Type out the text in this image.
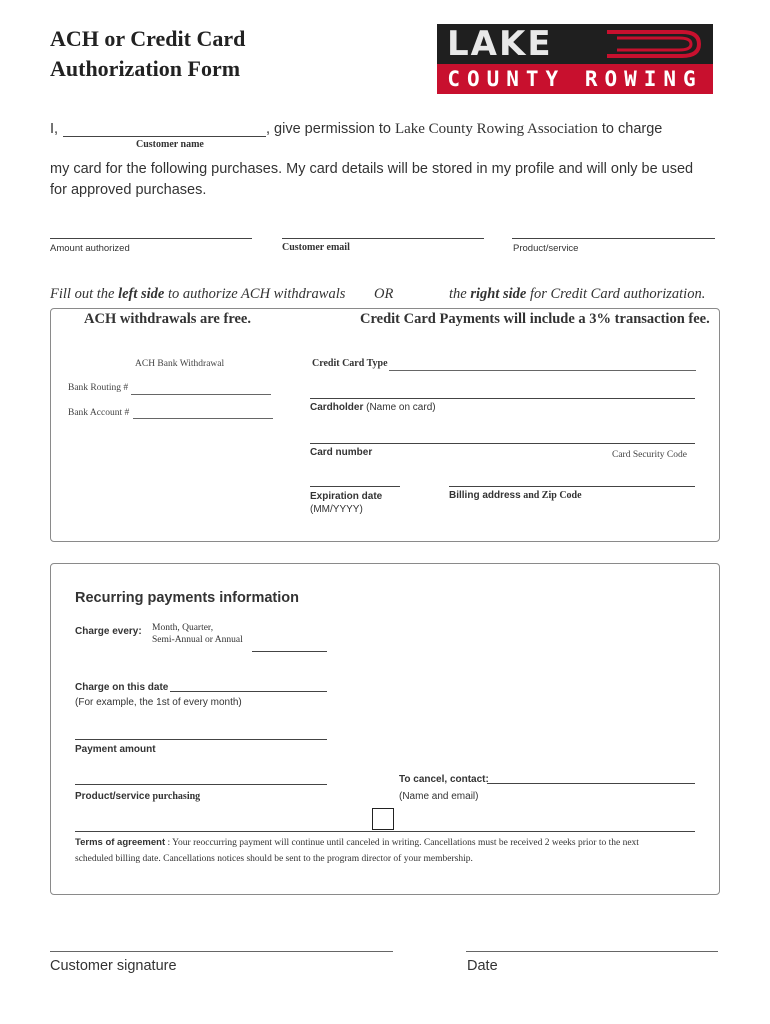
ACH or Credit Card
Authorization Form
LAKE
COUNTY ROWING
I,
Customer name
, give permission to Lake County Rowing Association to charge
my card for the following purchases. My card details will be stored in my profile and will only be used for approved purchases.
Amount authorized	Customer email	Product/service
Fill out the left side to authorize ACH withdrawals OR	the right side for Credit Card authorization.
ACH withdrawals are free.	Credit Card Payments will include a 3% transaction fee.
ACH Bank Withdrawal
Bank Routing #
Bank Account #
Credit Card Type
Cardholder (Name on card)
Card number	Card Security Code
Expiration date
(MM/YYYY)
Billing address and Zip Code
Recurring payments information
Charge every: Month, Quarter,
Semi-Annual or Annual
Charge on this date
(For example, the 1st of every month)
Payment amount
Product/service purchasing
To cancel, contact:
(Name and email)
Terms of agreement : Your reoccurring payment will continue until canceled in writing. Cancellations must be received 2 weeks prior to the next
scheduled billing date. Cancellations notices should be sent to the program director of your membership.
Customer signature	Date
